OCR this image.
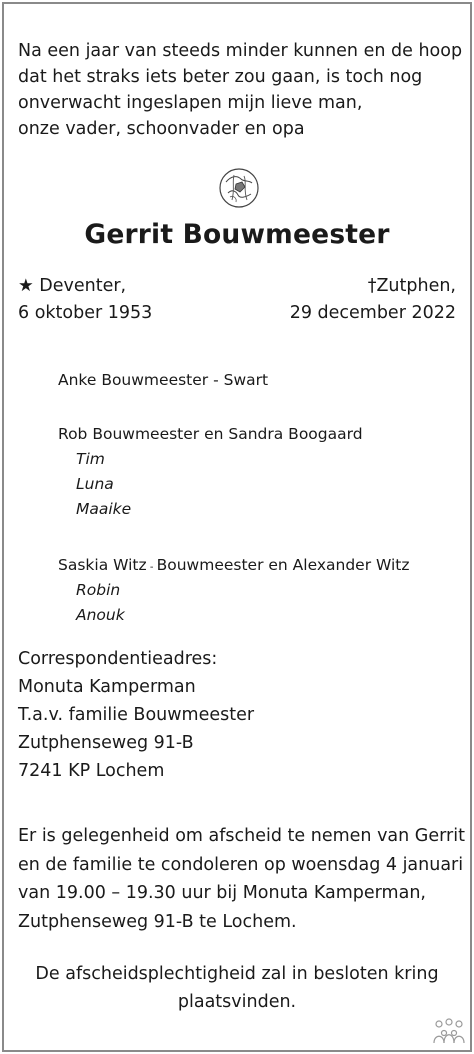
Na een jaar van steeds minder kunnen en de hoop
dat het straks iets beter zou gaan, is toch nog
onverwacht ingeslapen mijn lieve man,
onze vader, schoonvader en opa
Gerrit Bouwmeester
★ Deventer,
6 oktober 1953
†Zutphen,
29 december 2022
Anke Bouwmeester - Swart
Rob Bouwmeester en Sandra Boogaard
Tim
Luna
Maaike
Saskia Witz - Bouwmeester en Alexander Witz
Robin
Anouk
Correspondentieadres:
Monuta Kamperman
T.a.v. familie Bouwmeester
Zutphenseweg 91-B
7241 KP Lochem
Er is gelegenheid om afscheid te nemen van Gerrit
en de familie te condoleren op woensdag 4 januari
van 19.00 – 19.30 uur bij Monuta Kamperman,
Zutphenseweg 91-B te Lochem.
De afscheidsplechtigheid zal in besloten kring
plaatsvinden.
